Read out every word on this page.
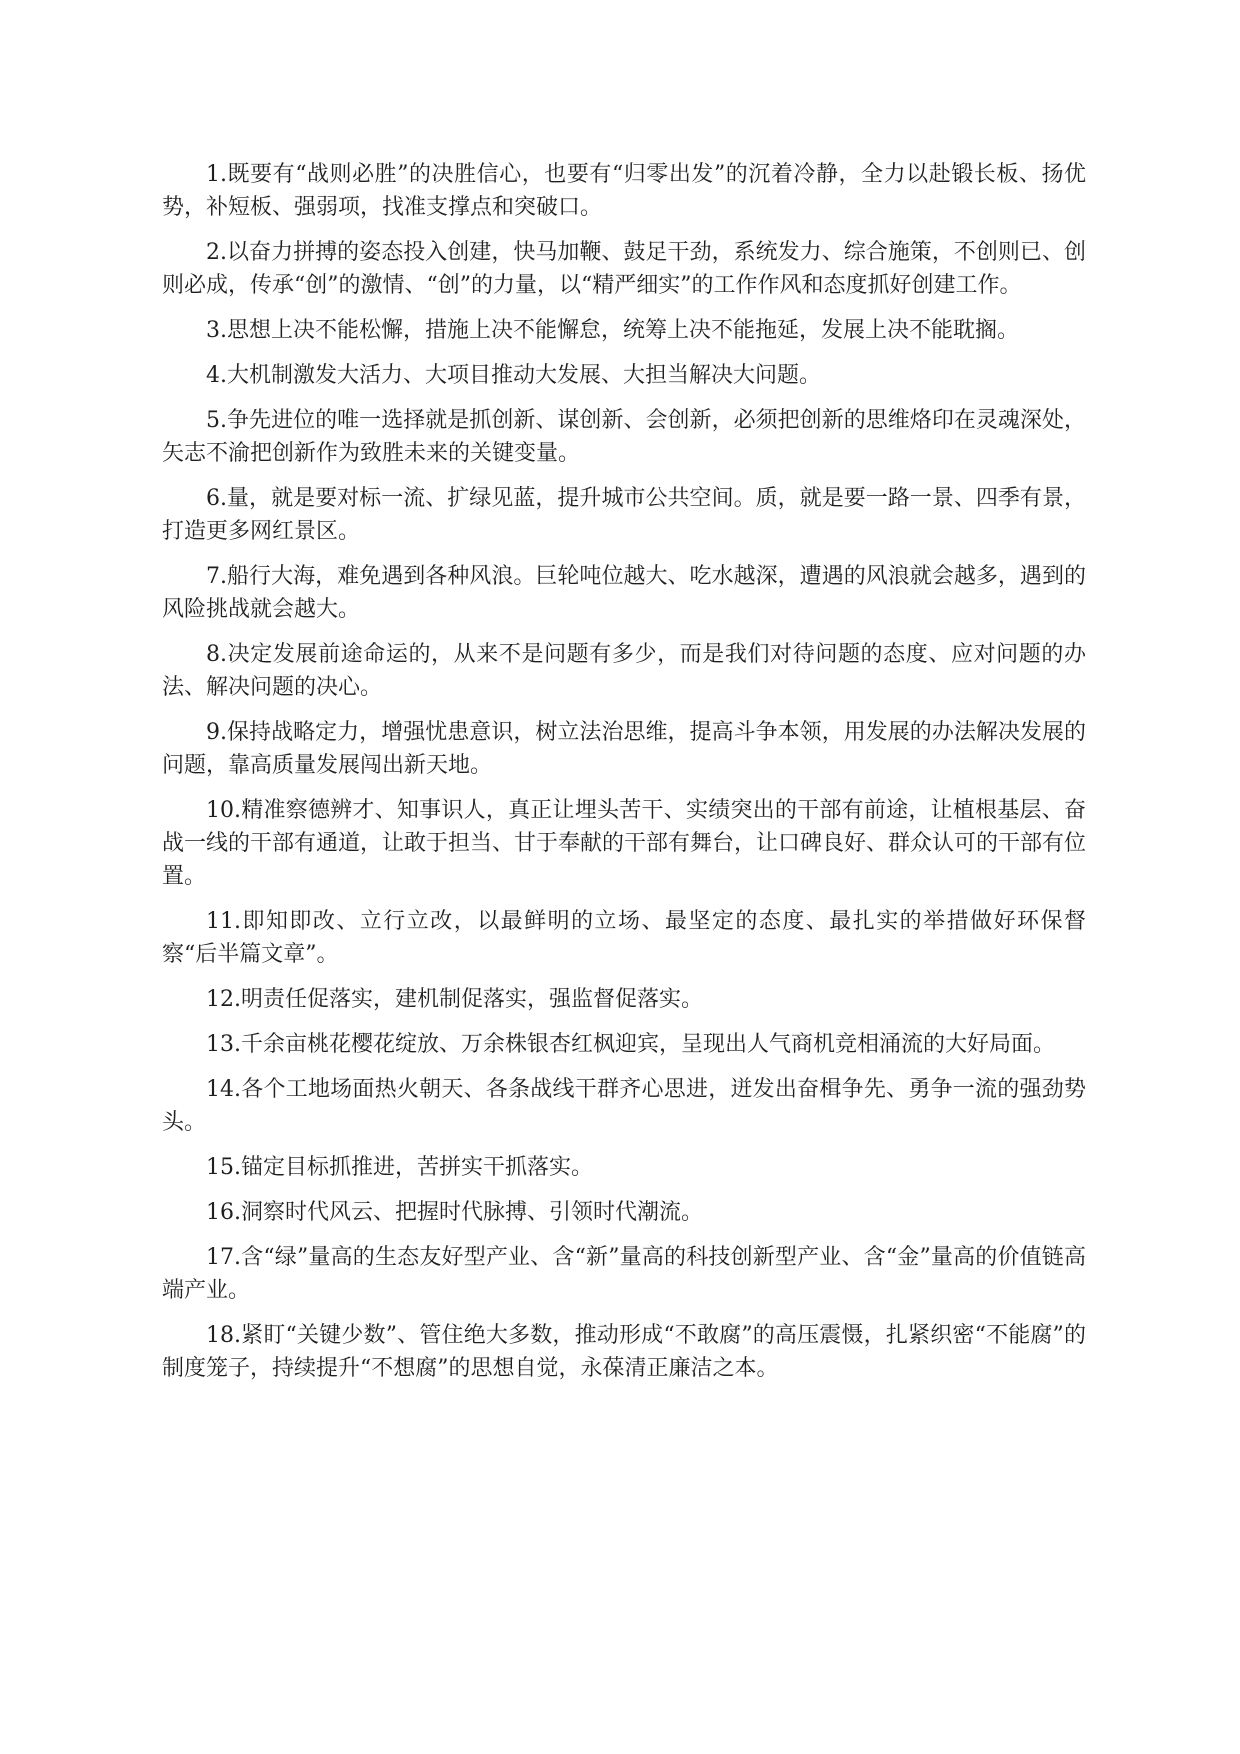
1.既要有“战则必胜”的决胜信心，也要有“归零出发”的沉着冷静，全力以赴锻长板、扬优势，补短板、强弱项，找准支撑点和突破口。

2.以奋力拼搏的姿态投入创建，快马加鞭、鼓足干劲，系统发力、综合施策，不创则已、创则必成，传承“创”的激情、“创”的力量，以“精严细实”的工作作风和态度抓好创建工作。

3.思想上决不能松懈，措施上决不能懈怠，统筹上决不能拖延，发展上决不能耽搁。

4.大机制激发大活力、大项目推动大发展、大担当解决大问题。

5.争先进位的唯一选择就是抓创新、谋创新、会创新，必须把创新的思维烙印在灵魂深处，矢志不渝把创新作为致胜未来的关键变量。

6.量，就是要对标一流、扩绿见蓝，提升城市公共空间。质，就是要一路一景、四季有景，打造更多网红景区。

7.船行大海，难免遇到各种风浪。巨轮吨位越大、吃水越深，遭遇的风浪就会越多，遇到的风险挑战就会越大。

8.决定发展前途命运的，从来不是问题有多少，而是我们对待问题的态度、应对问题的办法、解决问题的决心。

9.保持战略定力，增强忧患意识，树立法治思维，提高斗争本领，用发展的办法解决发展的问题，靠高质量发展闯出新天地。

10.精准察德辨才、知事识人，真正让埋头苦干、实绩突出的干部有前途，让植根基层、奋战一线的干部有通道，让敢于担当、甘于奉献的干部有舞台，让口碑良好、群众认可的干部有位置。

11.即知即改、立行立改，以最鲜明的立场、最坚定的态度、最扎实的举措做好环保督察“后半篇文章”。

12.明责任促落实，建机制促落实，强监督促落实。

13.千余亩桃花樱花绽放、万余株银杏红枫迎宾，呈现出人气商机竞相涌流的大好局面。

14.各个工地场面热火朝天、各条战线干群齐心思进，迸发出奋楫争先、勇争一流的强劲势头。

15.锚定目标抓推进，苦拼实干抓落实。

16.洞察时代风云、把握时代脉搏、引领时代潮流。

17.含“绿”量高的生态友好型产业、含“新”量高的科技创新型产业、含“金”量高的价值链高端产业。

18.紧盯“关键少数”、管住绝大多数，推动形成“不敢腐”的高压震慑，扎紧织密“不能腐”的制度笼子，持续提升“不想腐”的思想自觉，永葆清正廉洁之本。
